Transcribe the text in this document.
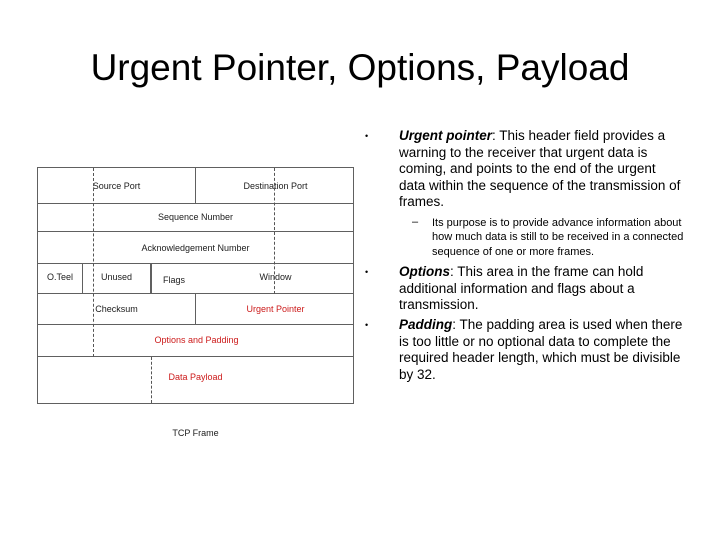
Urgent Pointer, Options, Payload
Source Port	Destination Port
Sequence Number
Acknowledgement Number
O.Teel	Unused	Flags	Window
Checksum	Urgent Pointer
Options and Padding
Data Payload
TCP Frame
• Urgent pointer: This header field provides a warning to the receiver that urgent data is coming, and points to the end of the urgent data within the sequence of the transmission of frames.
– Its purpose is to provide advance information about how much data is still to be received in a connected sequence of one or more frames.
• Options: This area in the frame can hold additional information and flags about a transmission.
• Padding: The padding area is used when there is too little or no optional data to complete the required header length, which must be divisible by 32.
